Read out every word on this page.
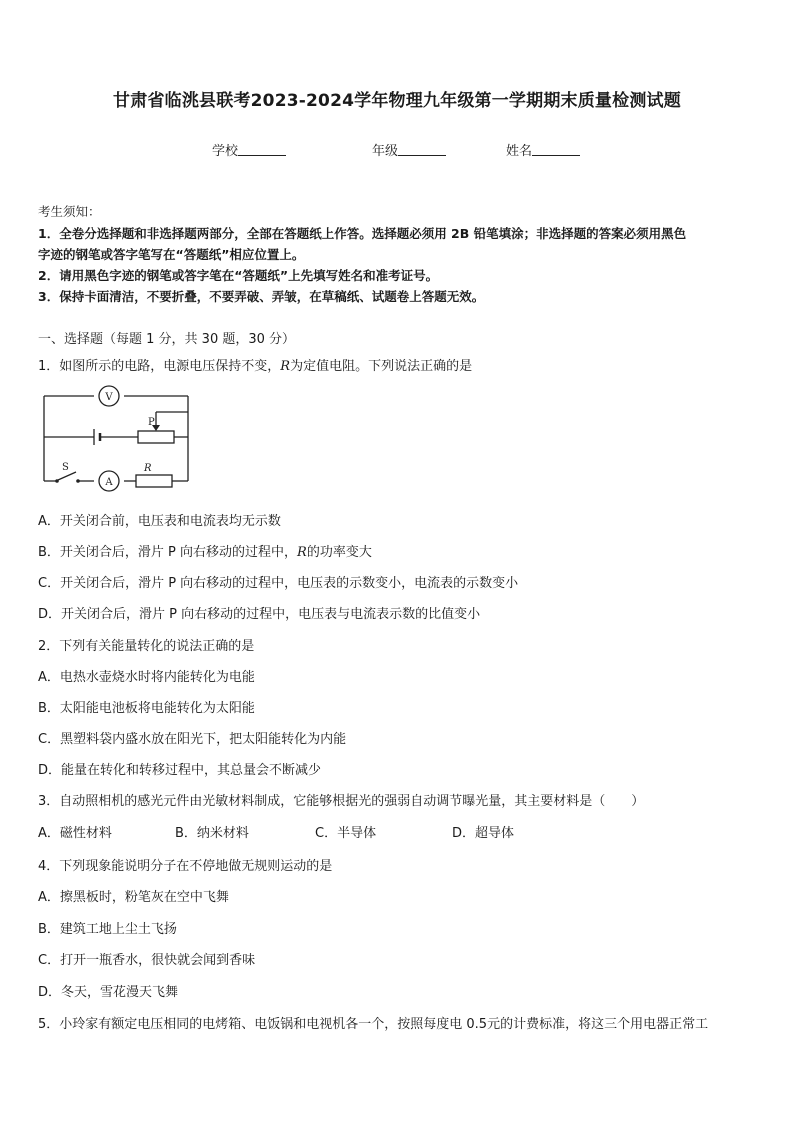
甘肃省临洮县联考2023-2024学年物理九年级第一学期期末质量检测试题
学校	年级	姓名
考生须知：
1．全卷分选择题和非选择题两部分，全部在答题纸上作答。选择题必须用 2B 铅笔填涂；非选择题的答案必须用黑色
字迹的钢笔或答字笔写在“答题纸”相应位置上。
2．请用黑色字迹的钢笔或答字笔在“答题纸”上先填写姓名和准考证号。
3．保持卡面清洁，不要折叠，不要弄破、弄皱，在草稿纸、试题卷上答题无效。
一、选择题（每题 1 分，共 30 题，30 分）
1．如图所示的电路，电源电压保持不变，R为定值电阻。下列说法正确的是
V
A
P
S	R
A．开关闭合前，电压表和电流表均无示数
B．开关闭合后，滑片 P 向右移动的过程中，R的功率变大
C．开关闭合后，滑片 P 向右移动的过程中，电压表的示数变小，电流表的示数变小
D．开关闭合后，滑片 P 向右移动的过程中，电压表与电流表示数的比值变小
2．下列有关能量转化的说法正确的是
A．电热水壶烧水时将内能转化为电能
B．太阳能电池板将电能转化为太阳能
C．黑塑料袋内盛水放在阳光下，把太阳能转化为内能
D．能量在转化和转移过程中，其总量会不断减少
3．自动照相机的感光元件由光敏材料制成，它能够根据光的强弱自动调节曝光量，其主要材料是（　　）
A．磁性材料	B．纳米材料	C．半导体	D．超导体
4．下列现象能说明分子在不停地做无规则运动的是
A．擦黑板时，粉笔灰在空中飞舞
B．建筑工地上尘土飞扬
C．打开一瓶香水，很快就会闻到香味
D．冬天，雪花漫天飞舞
5．小玲家有额定电压相同的电烤箱、电饭锅和电视机各一个，按照每度电 0.5元的计费标准，将这三个用电器正常工
